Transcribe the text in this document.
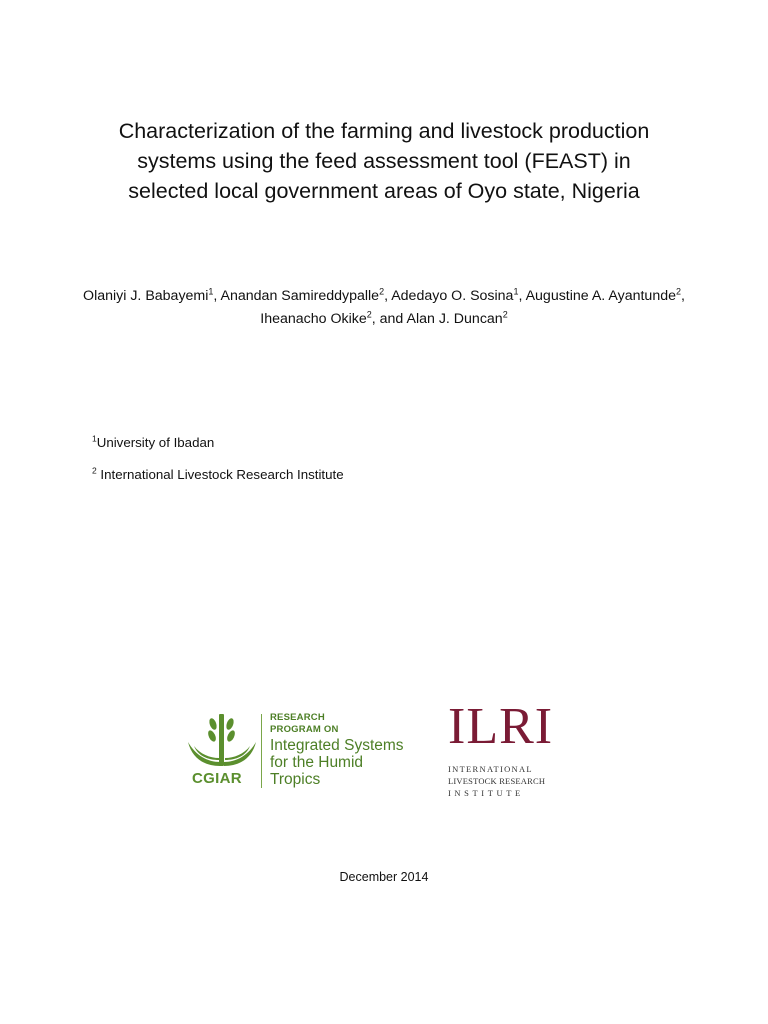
Characterization of the farming and livestock production systems using the feed assessment tool (FEAST) in selected local government areas of Oyo state, Nigeria
Olaniyi J. Babayemi$^1$, Anandan Samireddypalle$^2$, Adedayo O. Sosina$^1$, Augustine A. Ayantunde$^2$, Iheanacho Okike$^2$, and Alan J. Duncan$^2$
$^1$University of Ibadan
$^2$ International Livestock Research Institute
CGIAR
RESEARCH
PROGRAM ON
Integrated Systems
for the Humid
Tropics
ILRI
INTERNATIONAL
LIVESTOCK RESEARCH
INSTITUTE
December 2014
